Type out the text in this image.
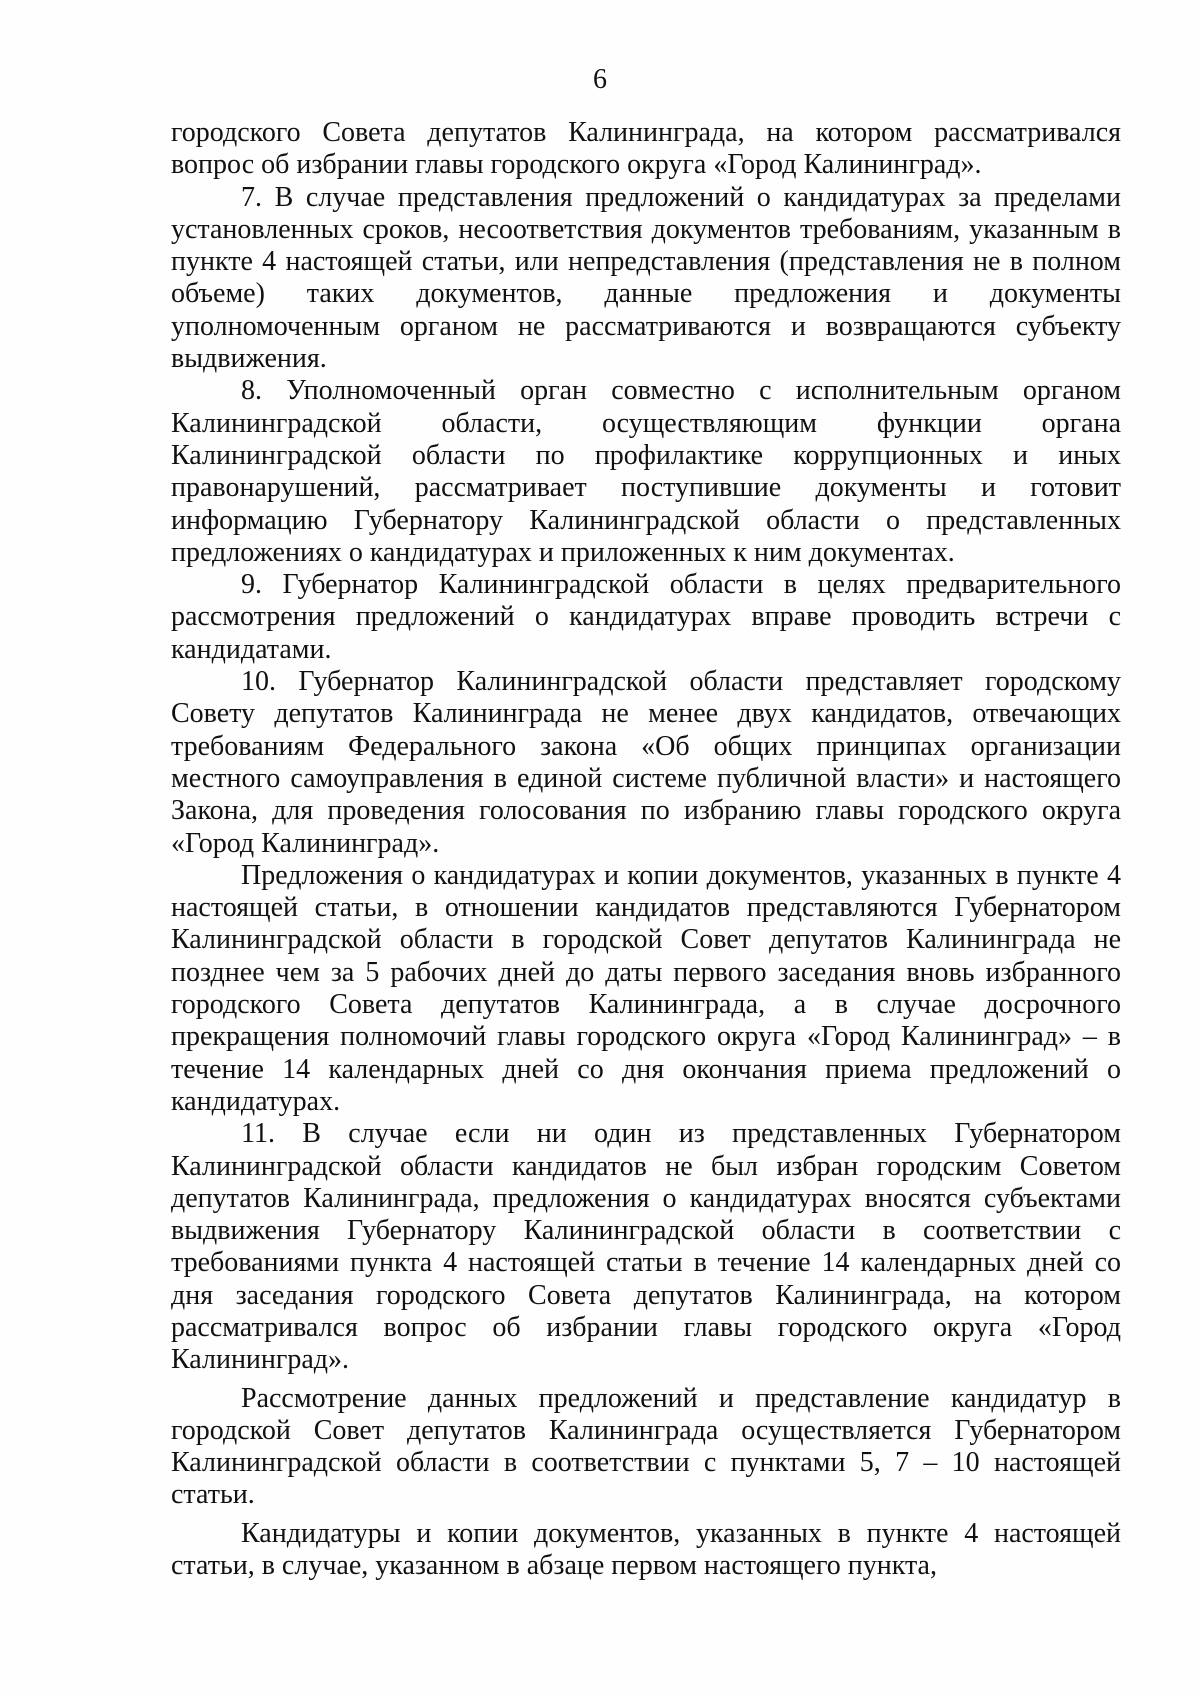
6

городского Совета депутатов Калининграда, на котором рассматривался вопрос об избрании главы городского округа «Город Калининград».

7. В случае представления предложений о кандидатурах за пределами установленных сроков, несоответствия документов требованиям, указанным в пункте 4 настоящей статьи, или непредставления (представления не в полном объеме) таких документов, данные предложения и документы уполномоченным органом не рассматриваются и возвращаются субъекту выдвижения.

8. Уполномоченный орган совместно с исполнительным органом Калининградской области, осуществляющим функции органа Калининградской области по профилактике коррупционных и иных правонарушений, рассматривает поступившие документы и готовит информацию Губернатору Калининградской области о представленных предложениях о кандидатурах и приложенных к ним документах.

9. Губернатор Калининградской области в целях предварительного рассмотрения предложений о кандидатурах вправе проводить встречи с кандидатами.

10. Губернатор Калининградской области представляет городскому Совету депутатов Калининграда не менее двух кандидатов, отвечающих требованиям Федерального закона «Об общих принципах организации местного самоуправления в единой системе публичной власти» и настоящего Закона, для проведения голосования по избранию главы городского округа «Город Калининград».

Предложения о кандидатурах и копии документов, указанных в пункте 4 настоящей статьи, в отношении кандидатов представляются Губернатором Калининградской области в городской Совет депутатов Калининграда не позднее чем за 5 рабочих дней до даты первого заседания вновь избранного городского Совета депутатов Калининграда, а в случае досрочного прекращения полномочий главы городского округа «Город Калининград» – в течение 14 календарных дней со дня окончания приема предложений о кандидатурах.

11. В случае если ни один из представленных Губернатором Калининградской области кандидатов не был избран городским Советом депутатов Калининграда, предложения о кандидатурах вносятся субъектами выдвижения Губернатору Калининградской области в соответствии с требованиями пункта 4 настоящей статьи в течение 14 календарных дней со дня заседания городского Совета депутатов Калининграда, на котором рассматривался вопрос об избрании главы городского округа «Город Калининград».

Рассмотрение данных предложений и представление кандидатур в городской Совет депутатов Калининграда осуществляется Губернатором Калининградской области в соответствии с пунктами 5, 7 – 10 настоящей статьи.

Кандидатуры и копии документов, указанных в пункте 4 настоящей статьи, в случае, указанном в абзаце первом настоящего пункта,
